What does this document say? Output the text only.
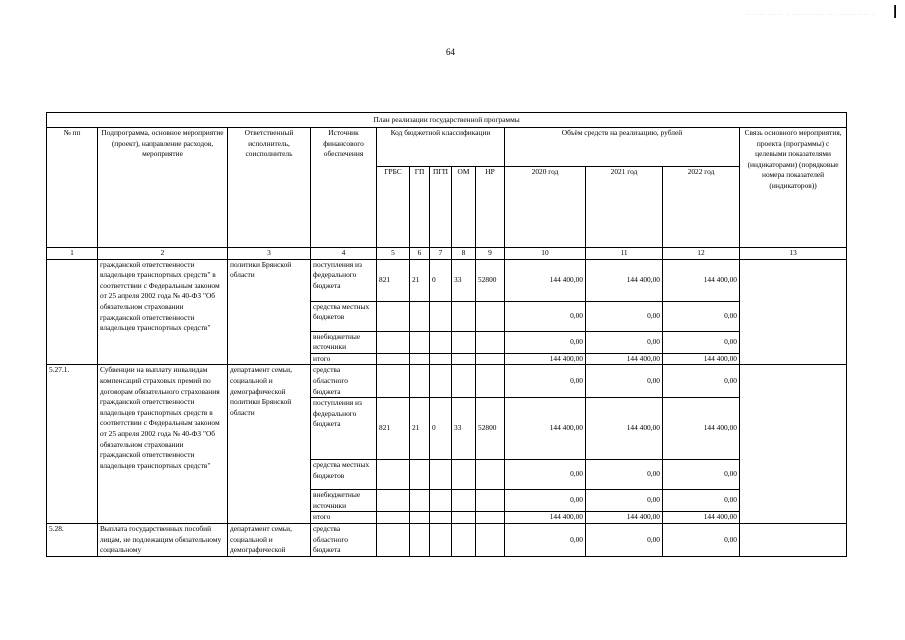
|
·· ···· ····· · ··········· ··· ·········· ·
64
План реализации государственной программы												
№ пп	Подпрограмма, основное мероприятие (проект), направление расходов, мероприятие	Ответственный исполнитель, соисполнитель	Источник финансового обеспечения	Код бюджетной классификации					Объём средств на реализацию, рублей			Связь основного мероприятия, проекта (программы) с целевыми показателями (индикаторами) (порядковые номера показателей (индикаторов))
				ГРБС	ГП	ПГП	ОМ	НР	2020 год	2021 год	2022 год	
1	2	3	4	5	6	7	8	9	10	11	12	13
	гражданской ответственности владельцев транспортных средств" в соответствии с Федеральным законом от 25 апреля 2002 года № 40-ФЗ "Об обязательном страховании гражданской ответственности владельцев транспортных средств"	политики Брянской области	поступления из федерального бюджета	821	21	0	33	52800	144 400,00	144 400,00	144 400,00	
			средства местных бюджетов						0,00	0,00	0,00	
			внебюджетные источники						0,00	0,00	0,00	
			итого						144 400,00	144 400,00	144 400,00	
5.27.1.	Субвенции на выплату инвалидам компенсаций страховых премий по договорам обязательного страхования гражданской ответственности владельцев транспортных средств в соответствии с Федеральным законом от 25 апреля 2002 года № 40-ФЗ "Об обязательном страховании гражданской ответственности владельцев транспортных средств"	департамент семьи, социальной и демографической политики Брянской области	средства областного бюджета						0,00	0,00	0,00	
			поступления из федерального бюджета	821	21	0	33	52800	144 400,00	144 400,00	144 400,00	
			средства местных бюджетов						0,00	0,00	0,00	
			внебюджетные источники						0,00	0,00	0,00	
			итого						144 400,00	144 400,00	144 400,00	
5.28.	Выплата государственных пособий лицам, не подлежащим обязательному социальному	департамент семьи, социальной и демографической	средства областного бюджета						0,00	0,00	0,00	
